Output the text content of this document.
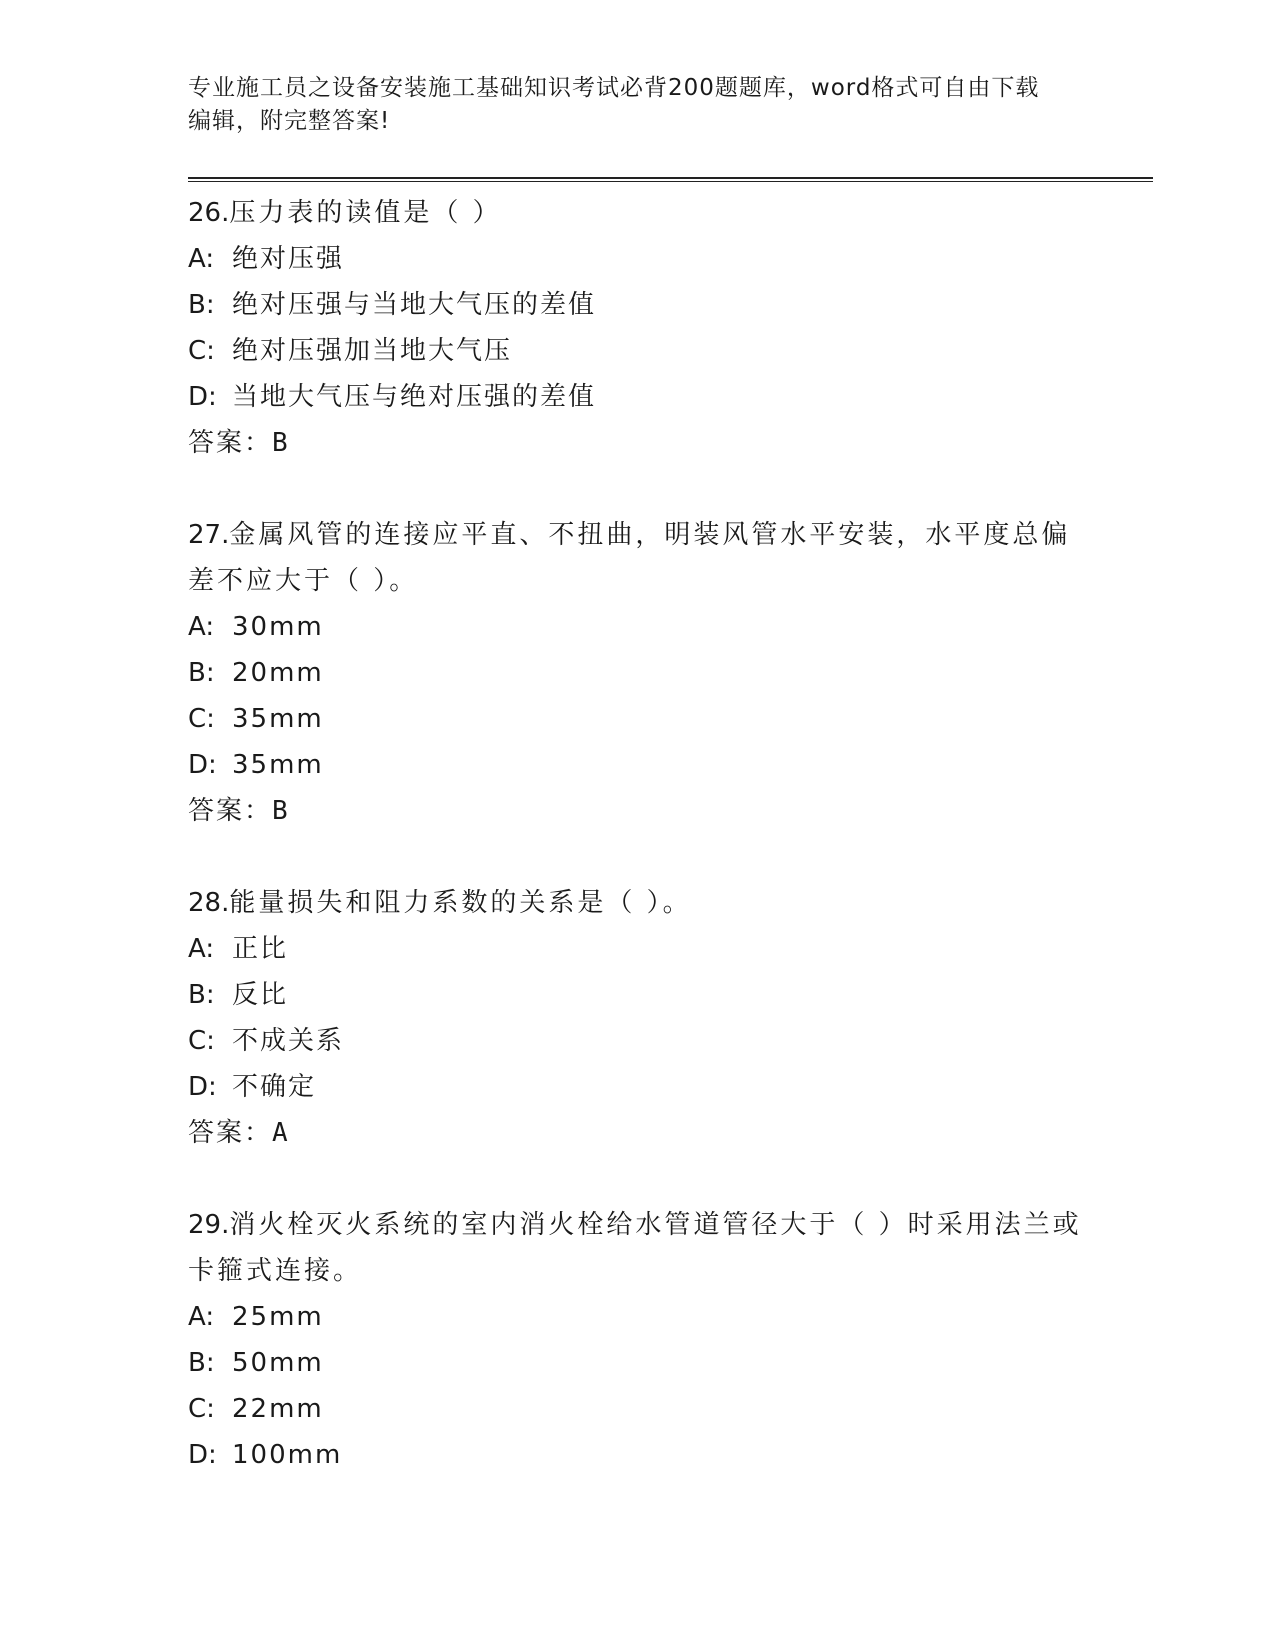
专业施工员之设备安装施工基础知识考试必背200题题库，word格式可自由下载
编辑，附完整答案!
26.压力表的读值是（ ）
A: 绝对压强
B: 绝对压强与当地大气压的差值
C: 绝对压强加当地大气压
D: 当地大气压与绝对压强的差值
答案：B
27.金属风管的连接应平直、不扭曲，明装风管水平安装，水平度总偏差不应大于（ ）。
A: 30mm
B: 20mm
C: 35mm
D: 35mm
答案：B
28.能量损失和阻力系数的关系是（ ）。
A: 正比
B: 反比
C: 不成关系
D: 不确定
答案：A
29.消火栓灭火系统的室内消火栓给水管道管径大于（ ）时采用法兰或卡箍式连接。
A: 25mm
B: 50mm
C: 22mm
D: 100mm
